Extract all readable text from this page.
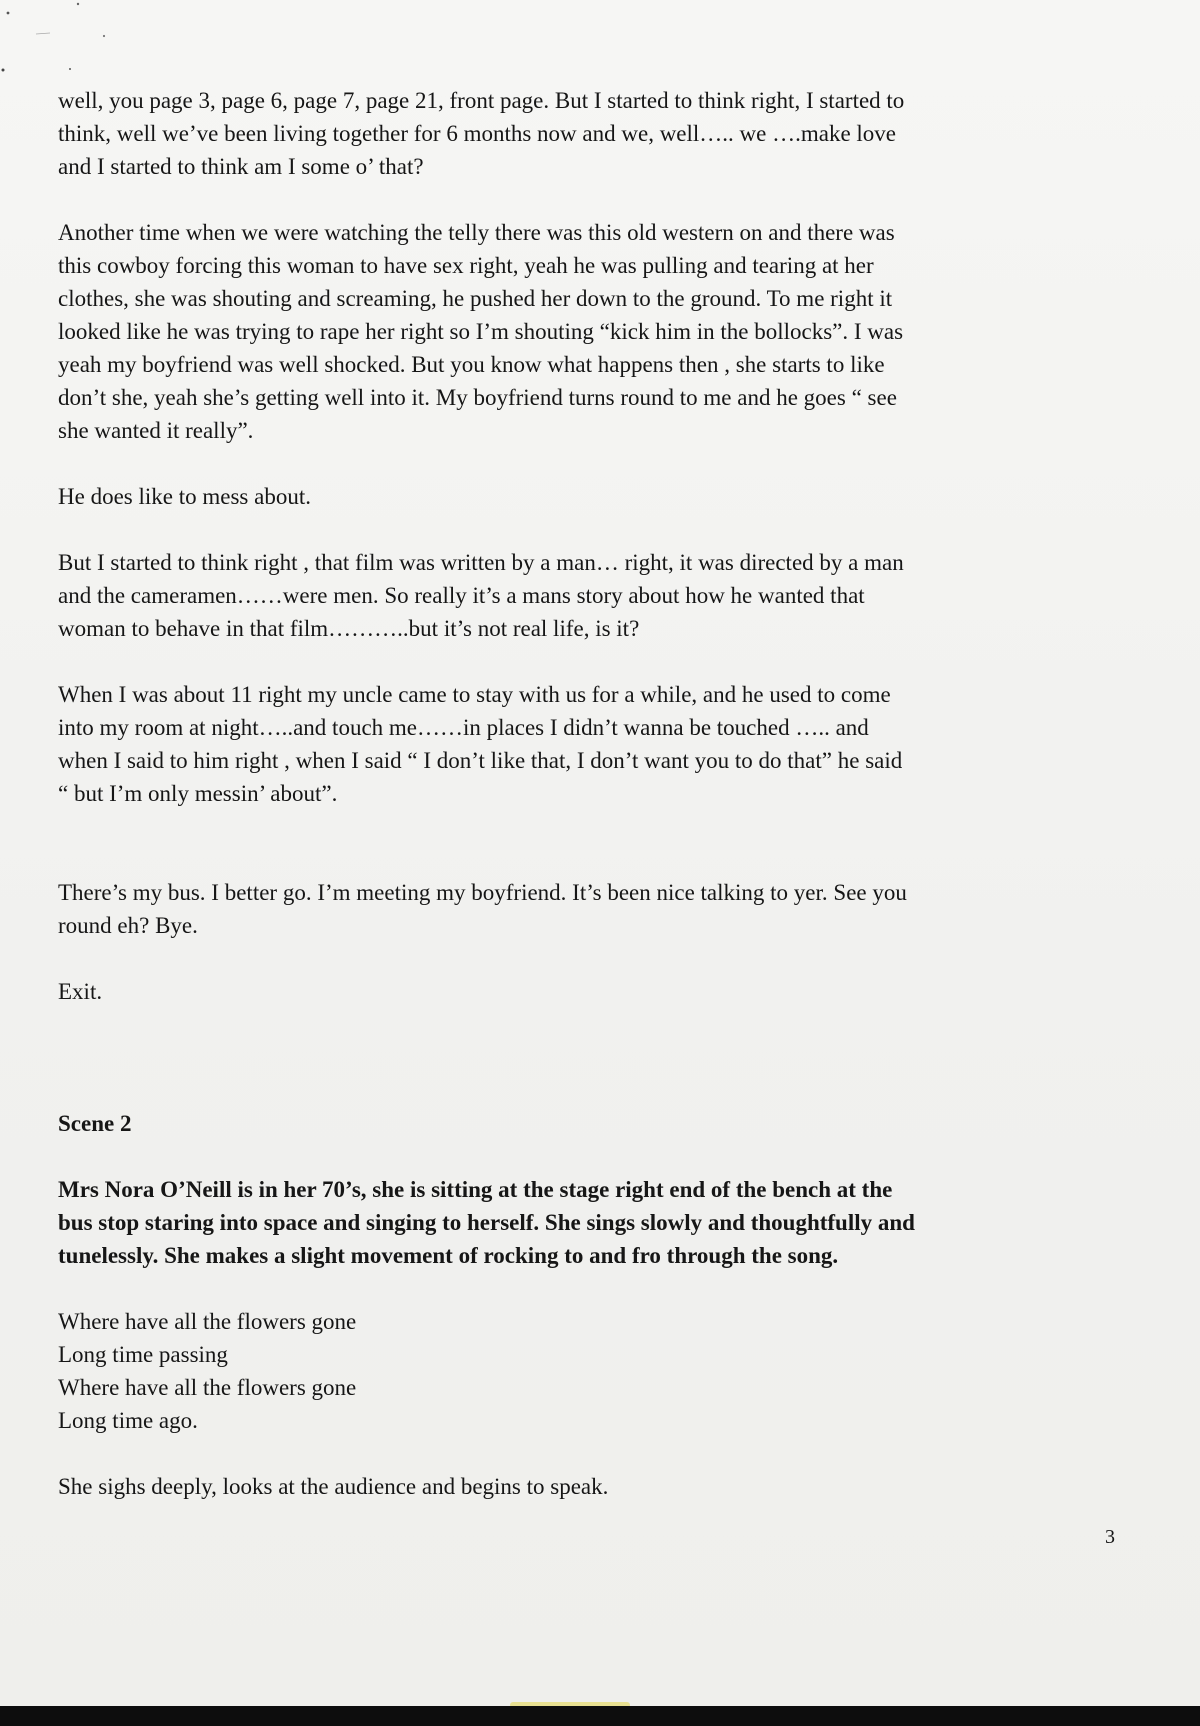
well, you page 3, page 6, page 7, page 21, front page. But I started to think right, I started to
think, well we’ve been living together for 6 months now and we, well….. we ….make love
and I started to think am I some o’ that?

Another time when we were watching the telly there was this old western on and there was
this cowboy forcing this woman to have sex right, yeah he was pulling and tearing at her
clothes, she was shouting and screaming, he pushed her down to the ground. To me right it
looked like he was trying to rape her right so I’m shouting “kick him in the bollocks”. I was
yeah my boyfriend was well shocked. But you know what happens then , she starts to like
don’t she, yeah she’s getting well into it. My boyfriend turns round to me and he goes “ see
she wanted it really”.

He does like to mess about.

But I started to think right , that film was written by a man… right, it was directed by a man
and the cameramen……were men. So really it’s a mans story about how he wanted that
woman to behave in that film………..but it’s not real life, is it?

When I was about 11 right my uncle came to stay with us for a while, and he used to come
into my room at night…..and touch me……in places I didn’t wanna be touched ….. and
when I said to him right , when I said “ I don’t like that, I don’t want you to do that” he said
“ but I’m only messin’ about”.

There’s my bus. I better go. I’m meeting my boyfriend. It’s been nice talking to yer. See you
round eh? Bye.

Exit.

Scene 2

Mrs Nora O’Neill is in her 70’s, she is sitting at the stage right end of the bench at the
bus stop staring into space and singing to herself. She sings slowly and thoughtfully and
tunelessly. She makes a slight movement of rocking to and fro through the song.

Where have all the flowers gone
Long time passing
Where have all the flowers gone
Long time ago.

She sighs deeply, looks at the audience and begins to speak.

3
